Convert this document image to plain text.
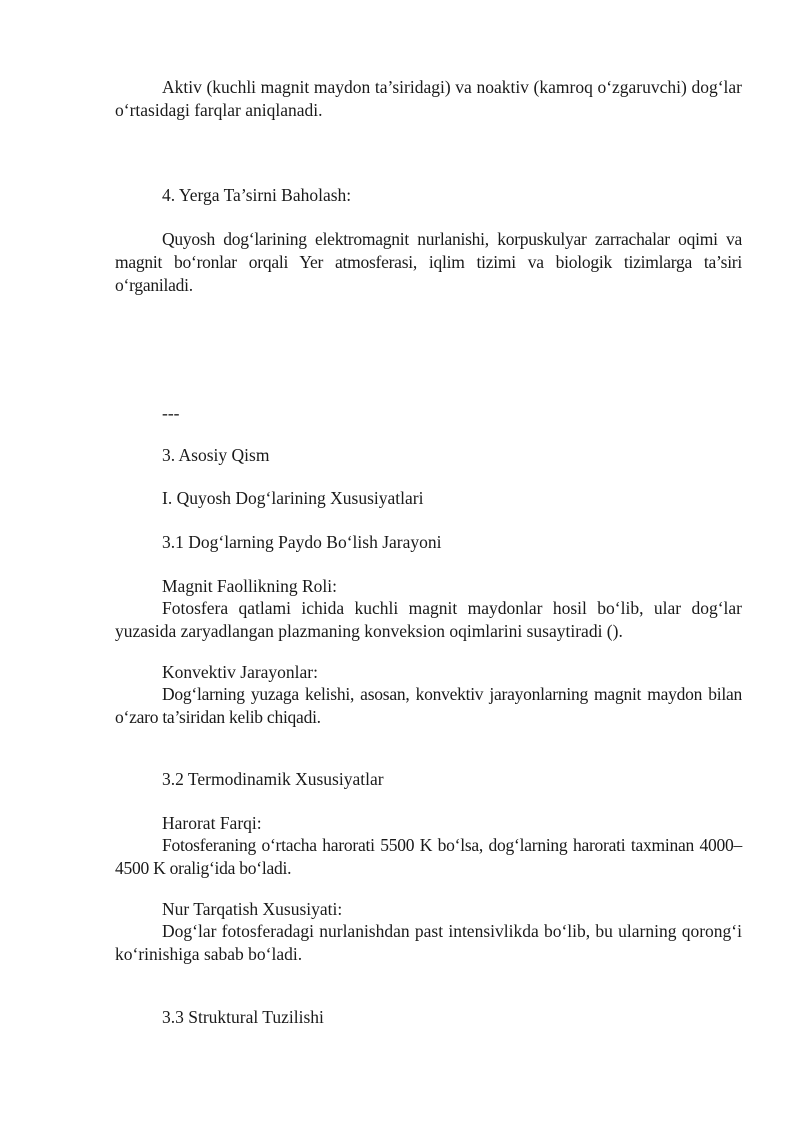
Aktiv (kuchli magnit maydon ta’siridagi) va noaktiv (kamroq o‘zgaruvchi) dog‘lar o‘rtasidagi farqlar aniqlanadi.

4. Yerga Ta’sirni Baholash:

Quyosh dog‘larining elektromagnit nurlanishi, korpuskulyar zarrachalar oqimi va magnit bo‘ronlar orqali Yer atmosferasi, iqlim tizimi va biologik tizimlarga ta’siri o‘rganiladi.

---

3. Asosiy Qism

I. Quyosh Dog‘larining Xususiyatlari

3.1 Dog‘larning Paydo Bo‘lish Jarayoni

Magnit Faollikning Roli:

Fotosfera qatlami ichida kuchli magnit maydonlar hosil bo‘lib, ular dog‘lar yuzasida zaryadlangan plazmaning konveksion oqimlarini susaytiradi ().

Konvektiv Jarayonlar:

Dog‘larning yuzaga kelishi, asosan, konvektiv jarayonlarning magnit maydon bilan o‘zaro ta’siridan kelib chiqadi.

3.2 Termodinamik Xususiyatlar

Harorat Farqi:

Fotosferaning o‘rtacha harorati 5500 K bo‘lsa, dog‘larning harorati taxminan 4000–4500 K oralig‘ida bo‘ladi.

Nur Tarqatish Xususiyati:

Dog‘lar fotosferadagi nurlanishdan past intensivlikda bo‘lib, bu ularning qorong‘i ko‘rinishiga sabab bo‘ladi.

3.3 Struktural Tuzilishi
